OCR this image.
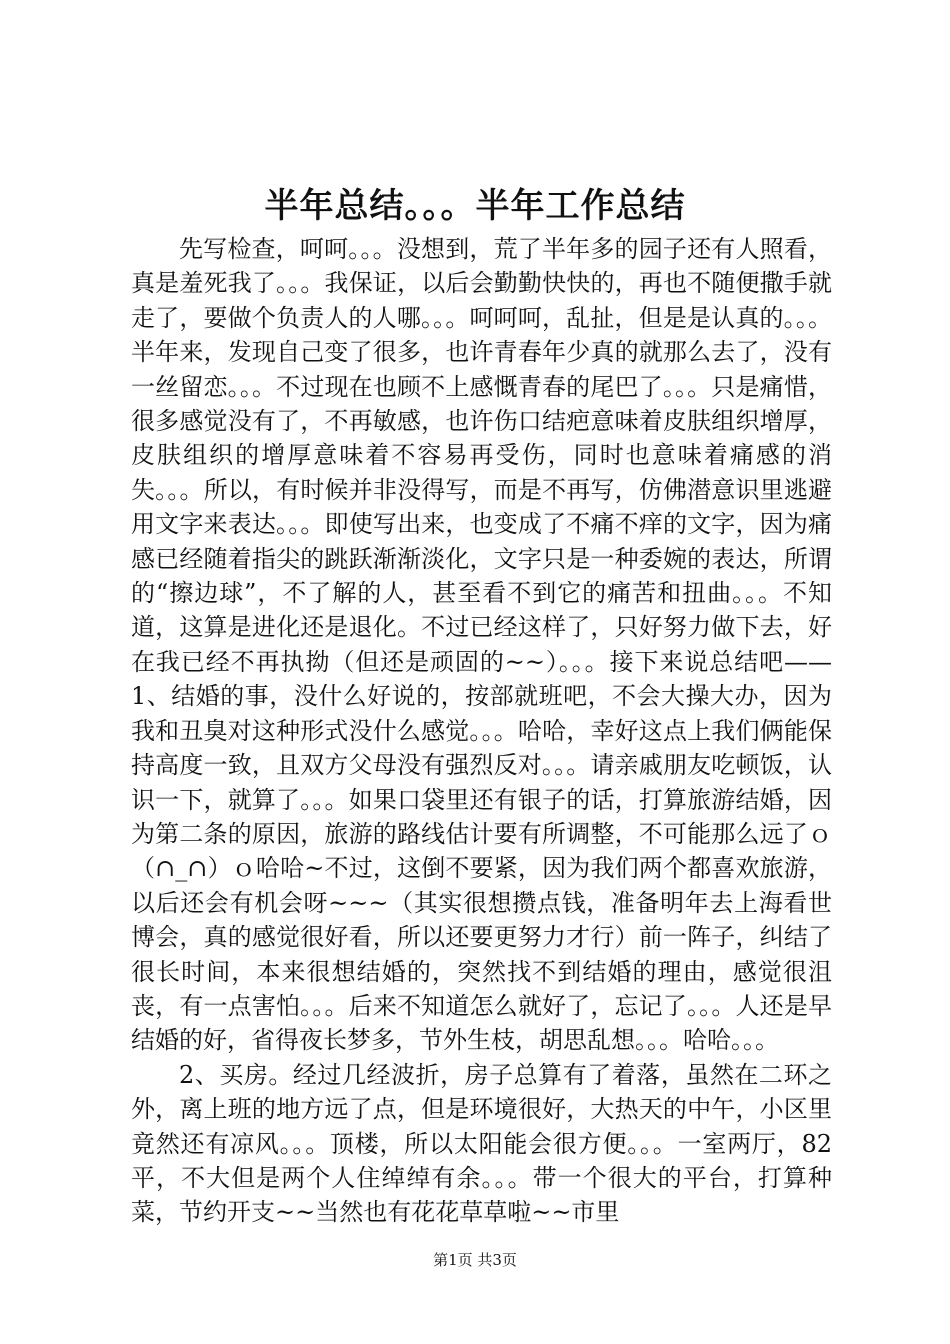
半年总结。。。半年工作总结

先写检查，呵呵。。。没想到，荒了半年多的园子还有人照看，真是羞死我了。。。我保证，以后会勤勤快快的，再也不随便撒手就走了，要做个负责人的人哪。。。呵呵呵，乱扯，但是是认真的。。。半年来，发现自己变了很多，也许青春年少真的就那么去了，没有一丝留恋。。。不过现在也顾不上感慨青春的尾巴了。。。只是痛惜，很多感觉没有了，不再敏感，也许伤口结疤意味着皮肤组织增厚，皮肤组织的增厚意味着不容易再受伤，同时也意味着痛感的消失。。。所以，有时候并非没得写，而是不再写，仿佛潜意识里逃避用文字来表达。。。即使写出来，也变成了不痛不痒的文字，因为痛感已经随着指尖的跳跃渐渐淡化，文字只是一种委婉的表达，所谓的“擦边球”，不了解的人，甚至看不到它的痛苦和扭曲。。。不知道，这算是进化还是退化。不过已经这样了，只好努力做下去，好在我已经不再执拗（但还是顽固的~~）。。。接下来说总结吧——1、结婚的事，没什么好说的，按部就班吧，不会大操大办，因为我和丑臭对这种形式没什么感觉。。。哈哈，幸好这点上我们俩能保持高度一致，且双方父母没有强烈反对。。。请亲戚朋友吃顿饭，认识一下，就算了。。。如果口袋里还有银子的话，打算旅游结婚，因为第二条的原因，旅游的路线估计要有所调整，不可能那么远了ｏ（∩_∩）ｏ哈哈~不过，这倒不要紧，因为我们两个都喜欢旅游，以后还会有机会呀~~~（其实很想攒点钱，准备明年去上海看世博会，真的感觉很好看，所以还要更努力才行）前一阵子，纠结了很长时间，本来很想结婚的，突然找不到结婚的理由，感觉很沮丧，有一点害怕。。。后来不知道怎么就好了，忘记了。。。人还是早结婚的好，省得夜长梦多，节外生枝，胡思乱想。。。哈哈。。。

2、买房。经过几经波折，房子总算有了着落，虽然在二环之外，离上班的地方远了点，但是环境很好，大热天的中午，小区里竟然还有凉风。。。顶楼，所以太阳能会很方便。。。一室两厅，82平，不大但是两个人住绰绰有余。。。带一个很大的平台，打算种菜，节约开支~~当然也有花花草草啦~~市里

第1页 共3页
